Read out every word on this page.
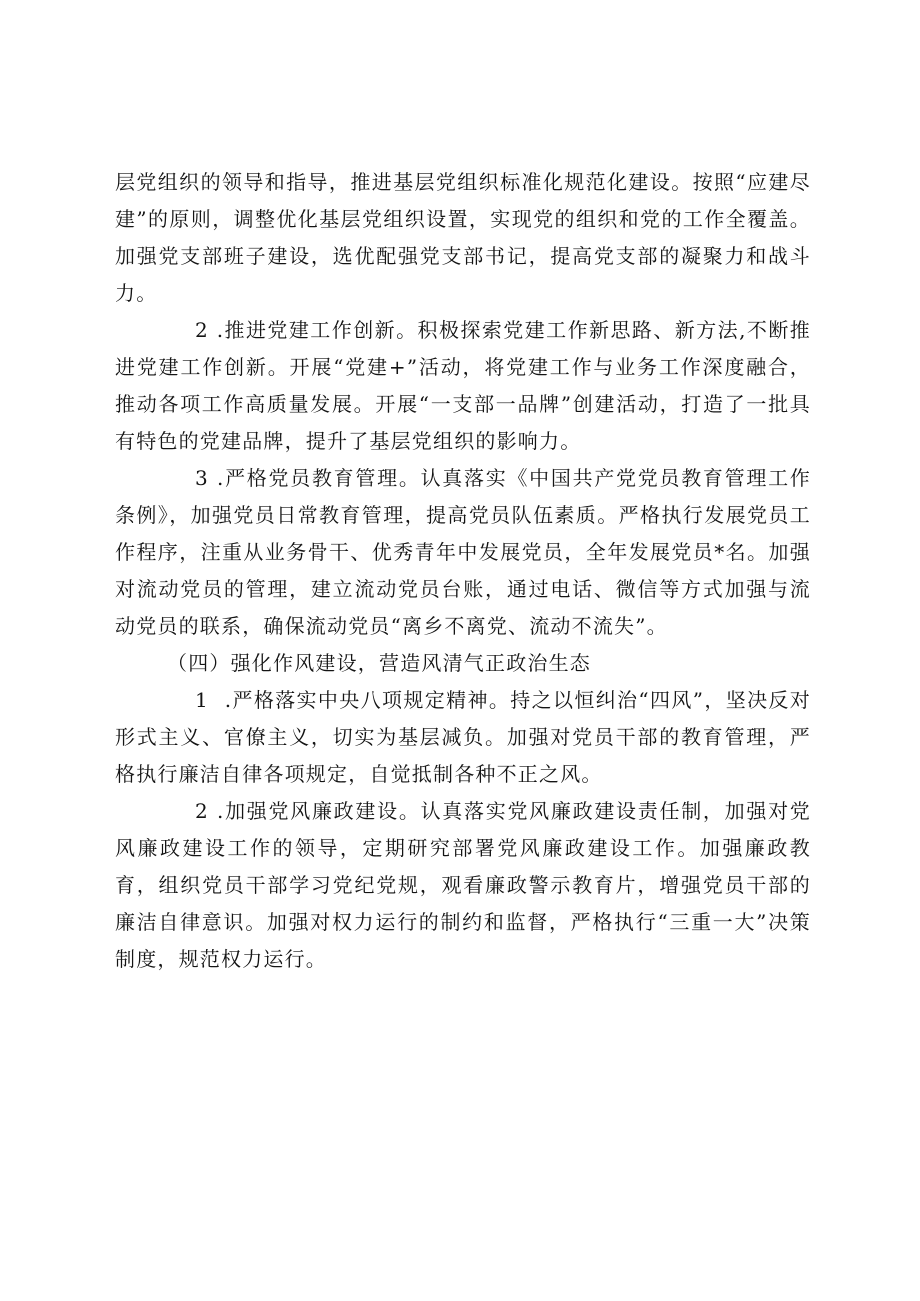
层党组织的领导和指导，推进基层党组织标准化规范化建设。按照“应建尽建”的原则，调整优化基层党组织设置，实现党的组织和党的工作全覆盖。加强党支部班子建设，选优配强党支部书记，提高党支部的凝聚力和战斗力。

2 .推进党建工作创新。积极探索党建工作新思路、新方法,不断推进党建工作创新。开展“党建+”活动，将党建工作与业务工作深度融合，推动各项工作高质量发展。开展“一支部一品牌”创建活动，打造了一批具有特色的党建品牌，提升了基层党组织的影响力。

3 .严格党员教育管理。认真落实《中国共产党党员教育管理工作条例》，加强党员日常教育管理，提高党员队伍素质。严格执行发展党员工作程序，注重从业务骨干、优秀青年中发展党员，全年发展党员*名。加强对流动党员的管理，建立流动党员台账，通过电话、微信等方式加强与流动党员的联系，确保流动党员“离乡不离党、流动不流失”。

（四）强化作风建设，营造风清气正政治生态

1 .严格落实中央八项规定精神。持之以恒纠治“四风”，坚决反对形式主义、官僚主义，切实为基层减负。加强对党员干部的教育管理，严格执行廉洁自律各项规定，自觉抵制各种不正之风。

2 .加强党风廉政建设。认真落实党风廉政建设责任制，加强对党风廉政建设工作的领导，定期研究部署党风廉政建设工作。加强廉政教育，组织党员干部学习党纪党规，观看廉政警示教育片，增强党员干部的廉洁自律意识。加强对权力运行的制约和监督，严格执行“三重一大”决策制度，规范权力运行。
